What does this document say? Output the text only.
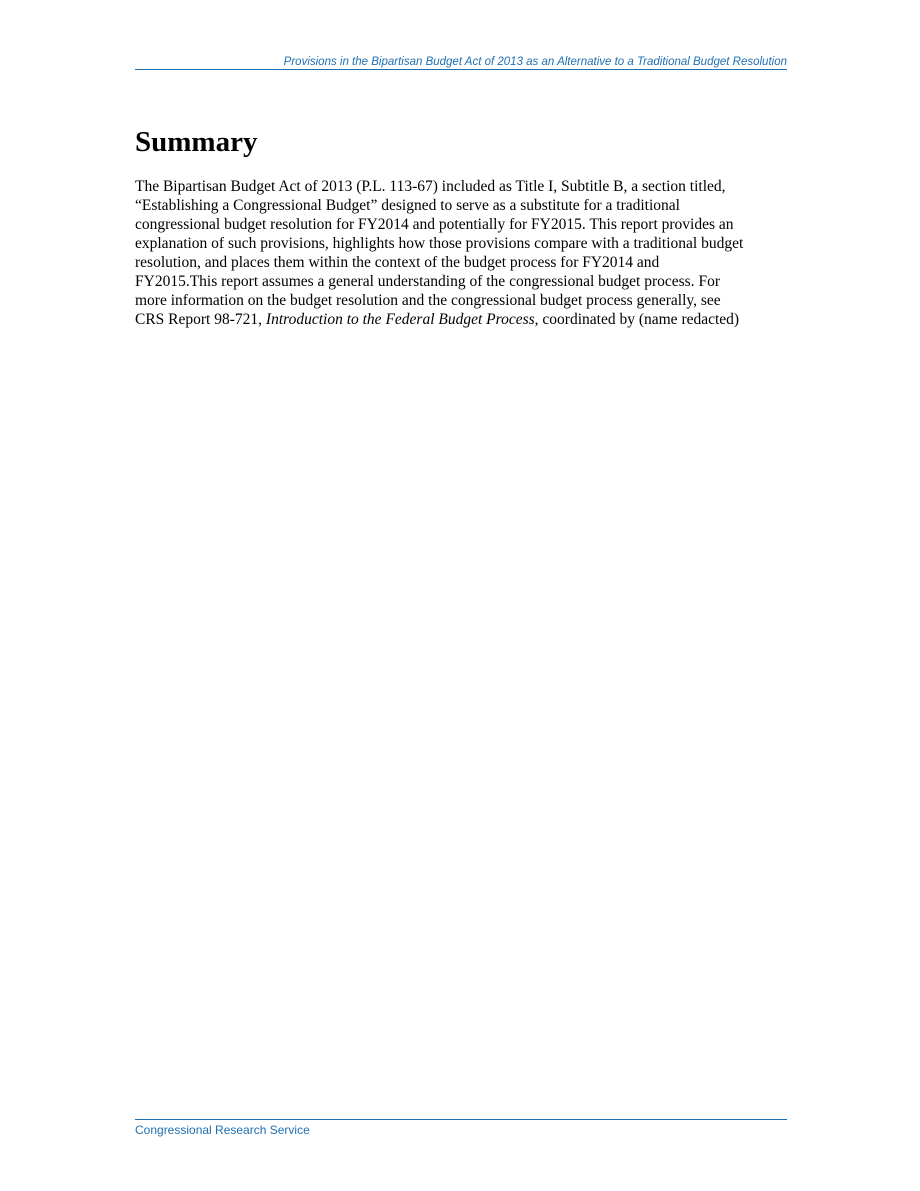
Provisions in the Bipartisan Budget Act of 2013 as an Alternative to a Traditional Budget Resolution
Summary

The Bipartisan Budget Act of 2013 (P.L. 113-67) included as Title I, Subtitle B, a section titled,
“Establishing a Congressional Budget” designed to serve as a substitute for a traditional
congressional budget resolution for FY2014 and potentially for FY2015. This report provides an
explanation of such provisions, highlights how those provisions compare with a traditional budget
resolution, and places them within the context of the budget process for FY2014 and
FY2015.This report assumes a general understanding of the congressional budget process. For
more information on the budget resolution and the congressional budget process generally, see
CRS Report 98-721, Introduction to the Federal Budget Process, coordinated by (name redacted)

Congressional Research Service
